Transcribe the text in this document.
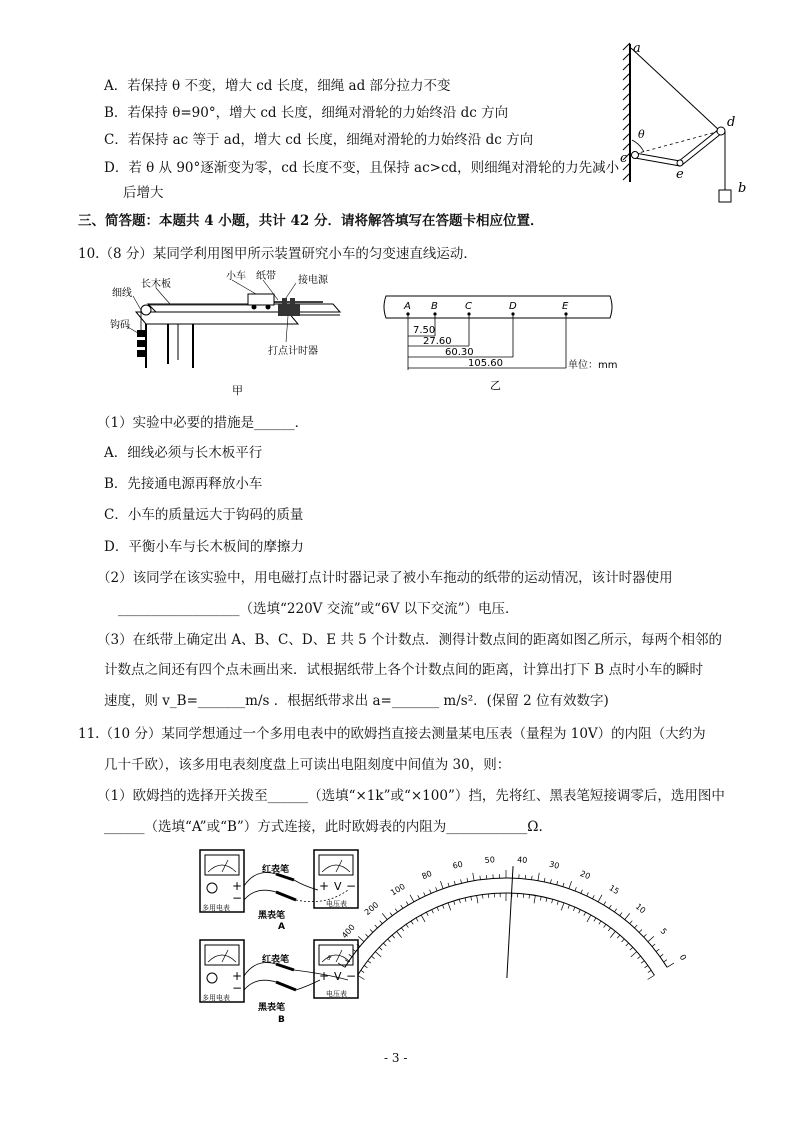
A．若保持 θ 不变，增大 cd 长度，细绳 ad 部分拉力不变
B．若保持 θ=90°，增大 cd 长度，细绳对滑轮的力始终沿 dc 方向
C．若保持 ac 等于 ad，增大 cd 长度，细绳对滑轮的力始终沿 dc 方向
D．若 θ 从 90°逐渐变为零，cd 长度不变，且保持 ac>cd，则细绳对滑轮的力先减小
后增大
a
d
c
e
b
θ
三、简答题：本题共 4 小题，共计 42 分．请将解答填写在答题卡相应位置．
10.（8 分）某同学利用图甲所示装置研究小车的匀变速直线运动．
长木板
小车 纸带 接电源
细线
钩码
打点计时器
甲
A B	C	D	E
7.50
27.60
60.30
105.60	单位：mm
乙
（1）实验中必要的措施是______．
A．细线必须与长木板平行
B．先接通电源再释放小车
C．小车的质量远大于钩码的质量
D．平衡小车与长木板间的摩擦力
（2）该同学在该实验中，用电磁打点计时器记录了被小车拖动的纸带的运动情况，该计时器使用
__________________（选填“220V 交流”或“6V 以下交流”）电压．
（3）在纸带上确定出 A、B、C、D、E 共 5 个计数点．测得计数点间的距离如图乙所示，每两个相邻的
计数点之间还有四个点未画出来．试根据纸带上各个计数点间的距离，计算出打下 B 点时小车的瞬时
速度，则 v_B=_______m/s ．根据纸带求出 a=_______ m/s²．(保留 2 位有效数字)
11.（10 分）某同学想通过一个多用电表中的欧姆挡直接去测量某电压表（量程为 10V）的内阻（大约为
几十千欧），该多用电表刻度盘上可读出电阻刻度中间值为 30，则：
（1）欧姆挡的选择开关拨至______（选填“×1k”或“×100”）挡，先将红、黑表笔短接调零后，选用图中
______（选填“A”或“B”）方式连接，此时欧姆表的内阻为____________Ω.
+
−
多用电表
+ V −
电压表
红表笔
黑表笔
A
+
−
多用电表
+ V −
电压表
红表笔
黑表笔
B
∞
400
200
100
80
60	50	40	30
20
15
10
5
0
- 3 -
